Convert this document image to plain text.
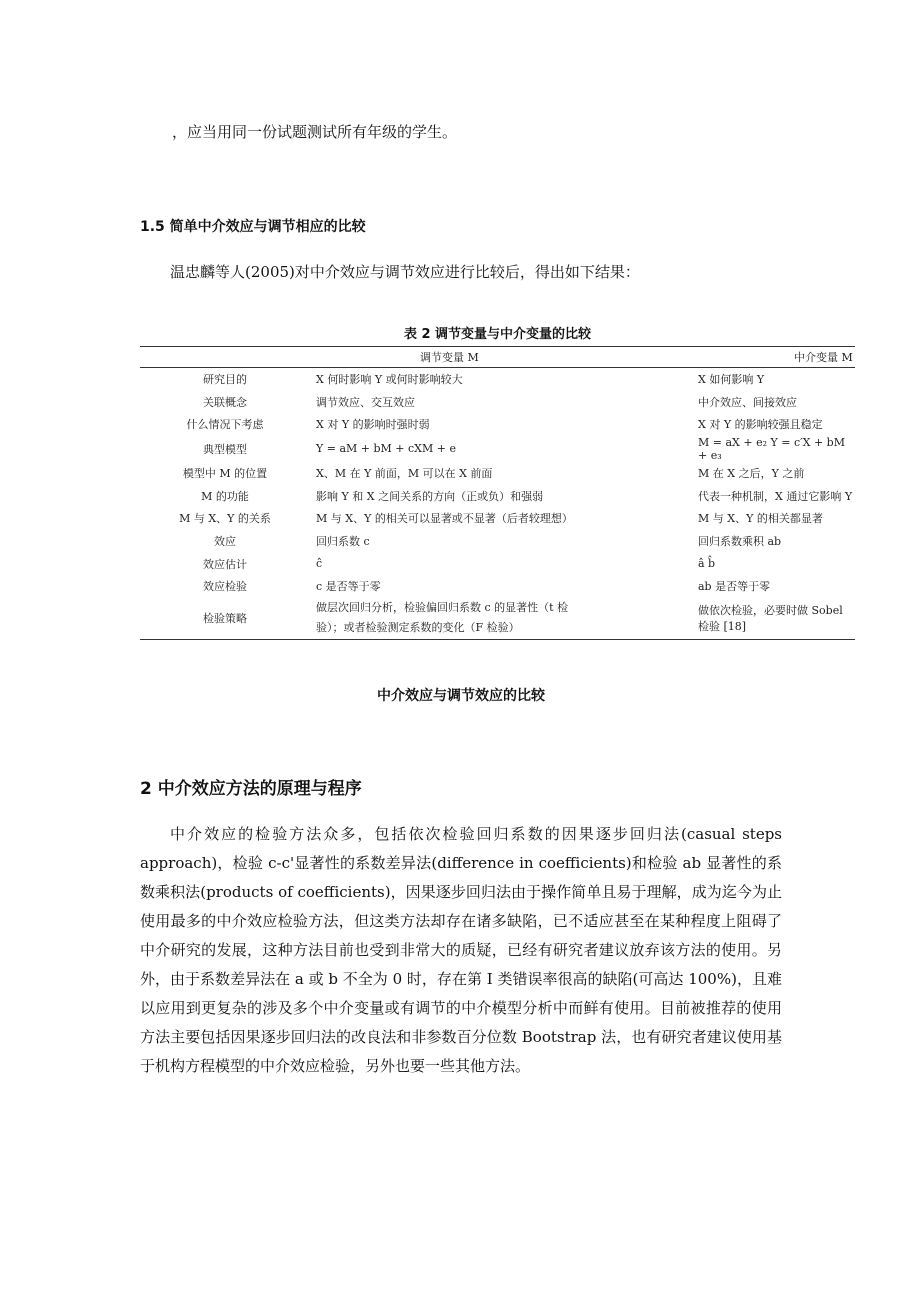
，应当用同一份试题测试所有年级的学生。
1.5 简单中介效应与调节相应的比较
温忠麟等人(2005)对中介效应与调节效应进行比较后，得出如下结果：
表 2 调节变量与中介变量的比较
	调节变量 M	中介变量 M
研究目的	X 何时影响 Y 或何时影响较大	X 如何影响 Y
关联概念	调节效应、交互效应	中介效应、间接效应
什么情况下考虑	X 对 Y 的影响时强时弱	X 对 Y 的影响较强且稳定
典型模型	Y = aM + bM + cXM + e	M = aX + e₂ Y = c′X + bM + e₃
模型中 M 的位置	X、M 在 Y 前面，M 可以在 X 前面	M 在 X 之后，Y 之前
M 的功能	影响 Y 和 X 之间关系的方向（正或负）和强弱	代表一种机制，X 通过它影响 Y
M 与 X、Y 的关系	M 与 X、Y 的相关可以显著或不显著（后者较理想）	M 与 X、Y 的相关都显著
效应	回归系数 c	回归系数乘积 ab
效应估计	ĉ	â b̂
效应检验	c 是否等于零	ab 是否等于零
检验策略	做层次回归分析，检验偏回归系数 c 的显著性（t 检
验）；或者检验测定系数的变化（F 检验）	做依次检验，必要时做 Sobel 检验 [18]
中介效应与调节效应的比较
2 中介效应方法的原理与程序
中介效应的检验方法众多，包括依次检验回归系数的因果逐步回归法(casual steps approach)，检验 c-c'显著性的系数差异法(difference in coefficients)和检验 ab 显著性的系数乘积法(products of coefficients)，因果逐步回归法由于操作简单且易于理解，成为迄今为止使用最多的中介效应检验方法，但这类方法却存在诸多缺陷，已不适应甚至在某种程度上阻碍了中介研究的发展，这种方法目前也受到非常大的质疑，已经有研究者建议放弃该方法的使用。另外，由于系数差异法在 a 或 b 不全为 0 时，存在第 I 类错误率很高的缺陷(可高达 100%)，且难以应用到更复杂的涉及多个中介变量或有调节的中介模型分析中而鲜有使用。目前被推荐的使用方法主要包括因果逐步回归法的改良法和非参数百分位数 Bootstrap 法，也有研究者建议使用基于机构方程模型的中介效应检验，另外也要一些其他方法。
